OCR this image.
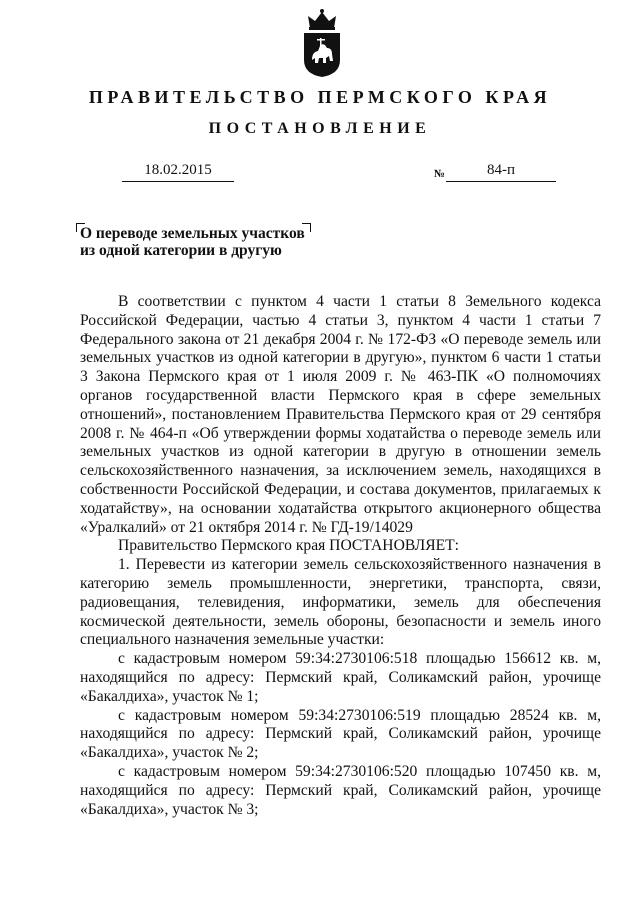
ПРАВИТЕЛЬСТВО ПЕРМСКОГО КРАЯ
ПОСТАНОВЛЕНИЕ
18.02.2015	№	84-п
О переводе земельных участков
из одной категории в другую

В соответствии с пунктом 4 части 1 статьи 8 Земельного кодекса Российской Федерации, частью 4 статьи 3, пунктом 4 части 1 статьи 7 Федерального закона от 21 декабря 2004 г. № 172-ФЗ «О переводе земель или земельных участков из одной категории в другую», пунктом 6 части 1 статьи 3 Закона Пермского края от 1 июля 2009 г. № 463-ПК «О полномочиях органов государственной власти Пермского края в сфере земельных отношений», постановлением Правительства Пермского края от 29 сентября 2008 г. № 464-п «Об утверждении формы ходатайства о переводе земель или земельных участков из одной категории в другую в отношении земель сельскохозяйственного назначения, за исключением земель, находящихся в собственности Российской Федерации, и состава документов, прилагаемых к ходатайству», на основании ходатайства открытого акционерного общества «Уралкалий» от 21 октября 2014 г. № ГД-19/14029

Правительство Пермского края ПОСТАНОВЛЯЕТ:

1. Перевести из категории земель сельскохозяйственного назначения в категорию земель промышленности, энергетики, транспорта, связи, радиовещания, телевидения, информатики, земель для обеспечения космической деятельности, земель обороны, безопасности и земель иного специального назначения земельные участки:

с кадастровым номером 59:34:2730106:518 площадью 156612 кв. м, находящийся по адресу: Пермский край, Соликамский район, урочище «Бакалдиха», участок № 1;

с кадастровым номером 59:34:2730106:519 площадью 28524 кв. м, находящийся по адресу: Пермский край, Соликамский район, урочище «Бакалдиха», участок № 2;

с кадастровым номером 59:34:2730106:520 площадью 107450 кв. м, находящийся по адресу: Пермский край, Соликамский район, урочище «Бакалдиха», участок № 3;
